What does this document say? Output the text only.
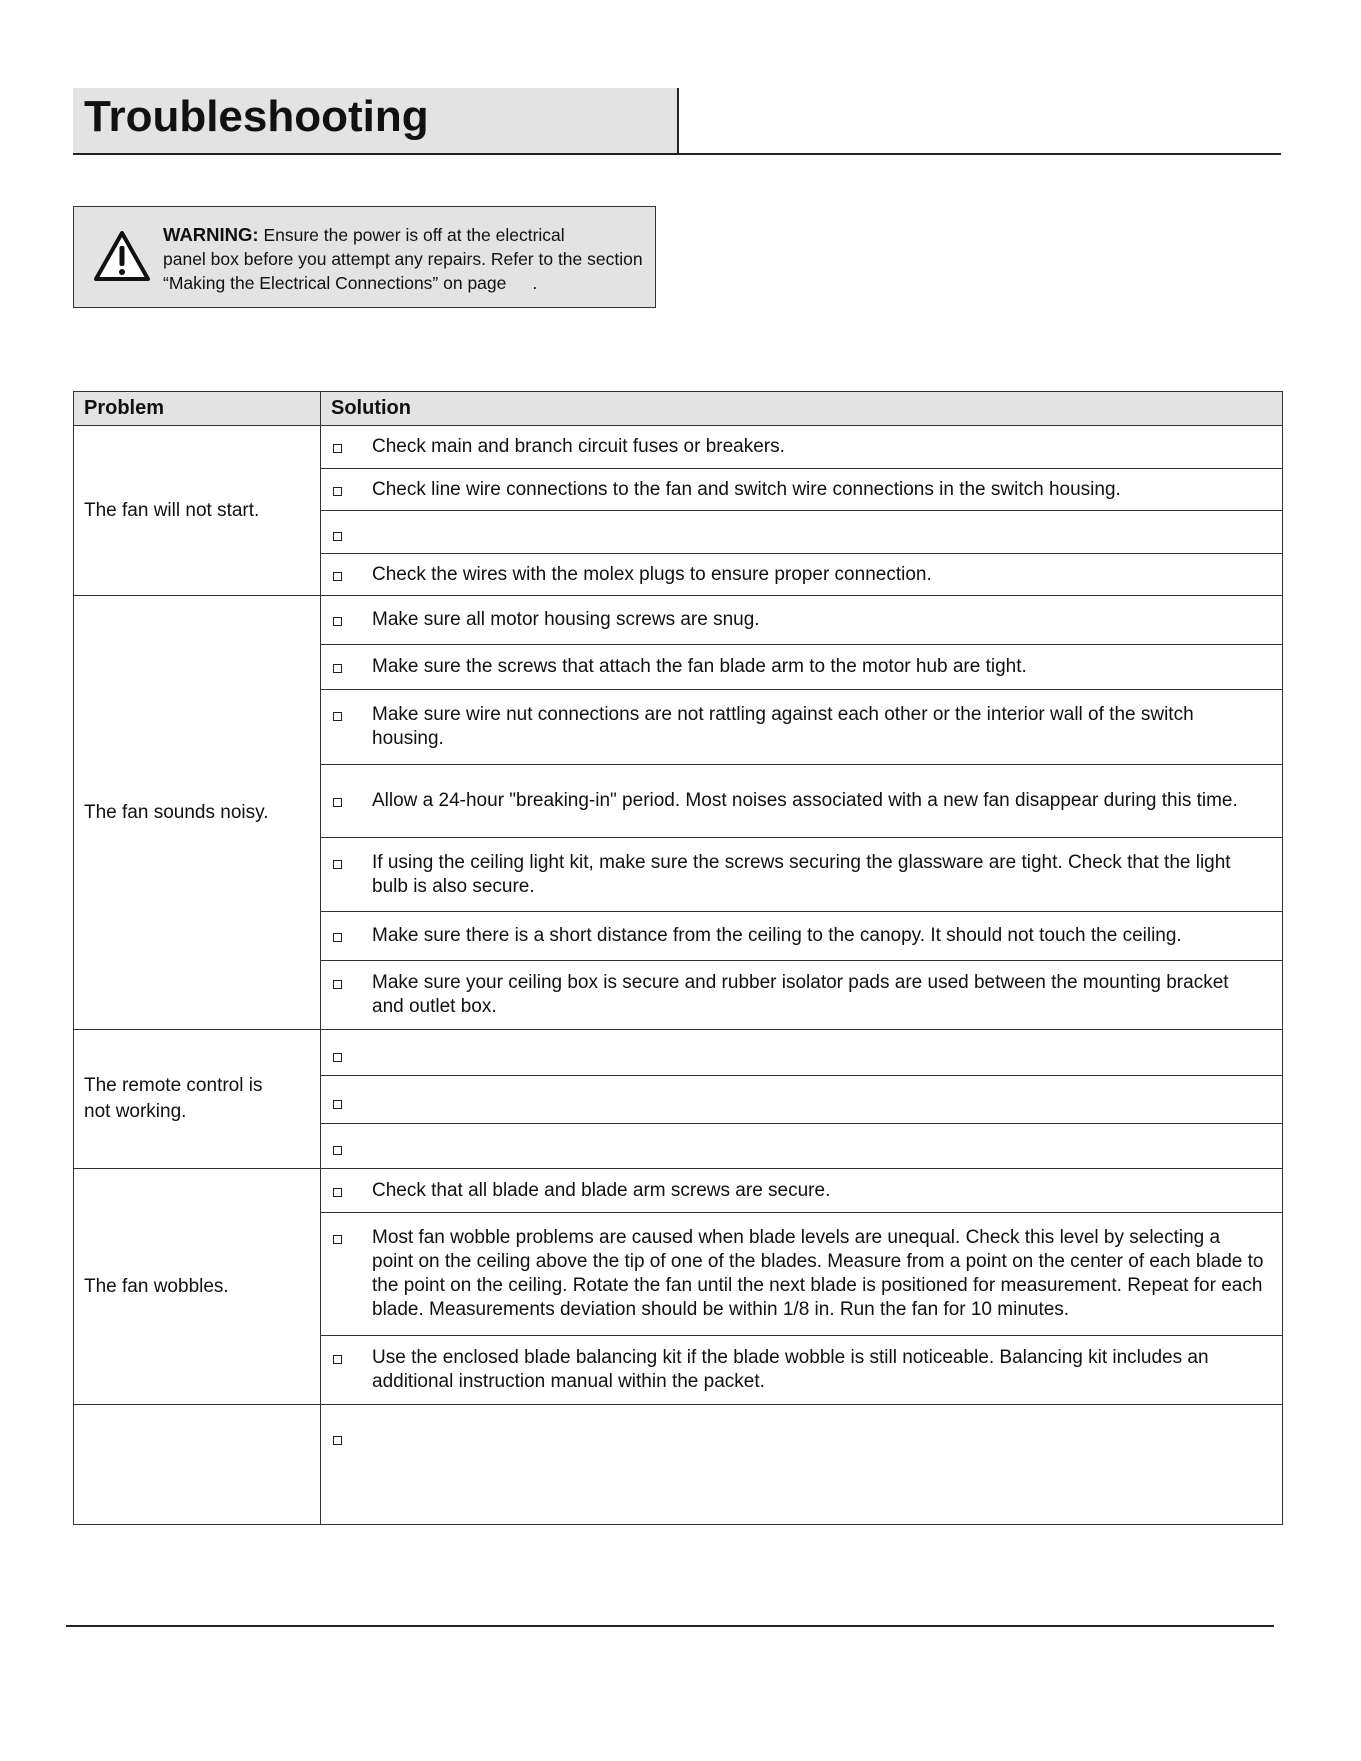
Troubleshooting
WARNING: Ensure the power is off at the electrical
panel box before you attempt any repairs. Refer to the section
“Making the Electrical Connections” on page .
Problem	Solution
The fan will not start.	Check main and branch circuit fuses or breakers.

	Check line wire connections to the fan and switch wire connections in the switch housing.

	Check the wires with the molex plugs to ensure proper connection.

The fan sounds noisy.	Make sure all motor housing screws are snug.

	Make sure the screws that attach the fan blade arm to the motor hub are tight.

	Make sure wire nut connections are not rattling against each other or the interior wall of the switch housing.

	Allow a 24-hour "breaking-in" period. Most noises associated with a new fan disappear during this time.

	If using the ceiling light kit, make sure the screws securing the glassware are tight. Check that the light bulb is also secure.

	Make sure there is a short distance from the ceiling to the canopy. It should not touch the ceiling.

	Make sure your ceiling box is secure and rubber isolator pads are used between the mounting bracket and outlet box.

The remote control is
not working.	

The fan wobbles.	Check that all blade and blade arm screws are secure.

	Most fan wobble problems are caused when blade levels are unequal. Check this level by selecting a point on the ceiling above the tip of one of the blades. Measure from a point on the center of each blade to the point on the ceiling. Rotate the fan until the next blade is positioned for measurement. Repeat for each blade. Measurements deviation should be within 1/8 in. Run the fan for 10 minutes.

	Use the enclosed blade balancing kit if the blade wobble is still noticeable. Balancing kit includes an additional instruction manual within the packet.
